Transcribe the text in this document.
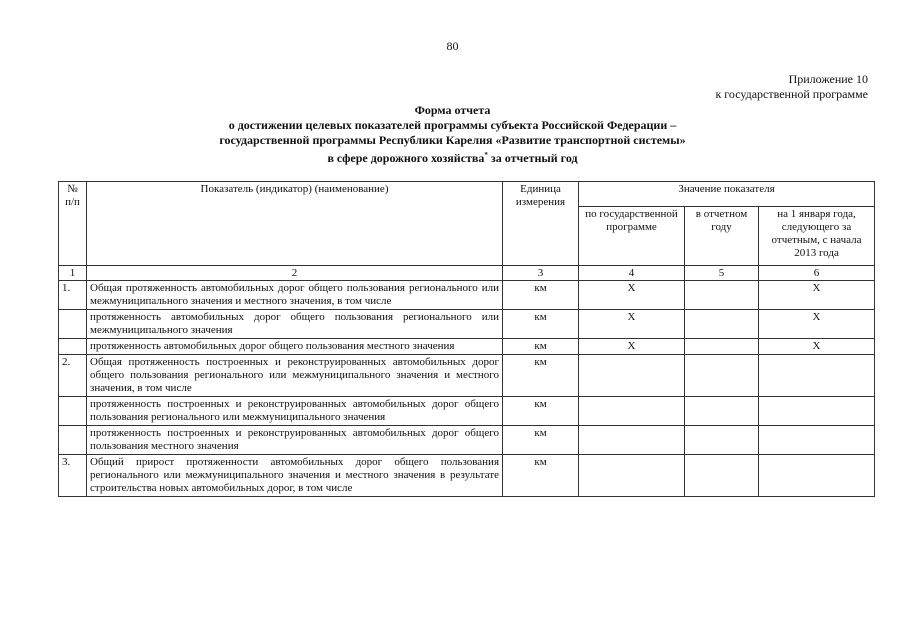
80
Приложение 10
к государственной программе
Форма отчета
о достижении целевых показателей программы субъекта Российской Федерации –
государственной программы Республики Карелия «Развитие транспортной системы»
в сфере дорожного хозяйства* за отчетный год
№ п/п	Показатель (индикатор) (наименование)	Единица измерения	Значение показателя		
			по государственной программе	в отчетном году	на 1 января года, следующего за отчетным, с начала 2013 года
1	2	3	4	5	6
1.	Общая протяженность автомобильных дорог общего пользования регионального или межмуниципального значения и местного значения, в том числе	км	Х		Х
	протяженность автомобильных дорог общего пользования регионального или межмуниципального значения	км	Х		Х
	протяженность автомобильных дорог общего пользования местного значения	км	Х		Х
2.	Общая протяженность построенных и реконструированных автомобильных дорог общего пользования регионального или межмуниципального значения и местного значения, в том числе	км			
	протяженность построенных и реконструированных автомобильных дорог общего пользования регионального или межмуниципального значения	км			
	протяженность построенных и реконструированных автомобильных дорог общего пользования местного значения	км			
3.	Общий прирост протяженности автомобильных дорог общего пользования регионального или межмуниципального значения и местного значения в результате строительства новых автомобильных дорог, в том числе	км			
